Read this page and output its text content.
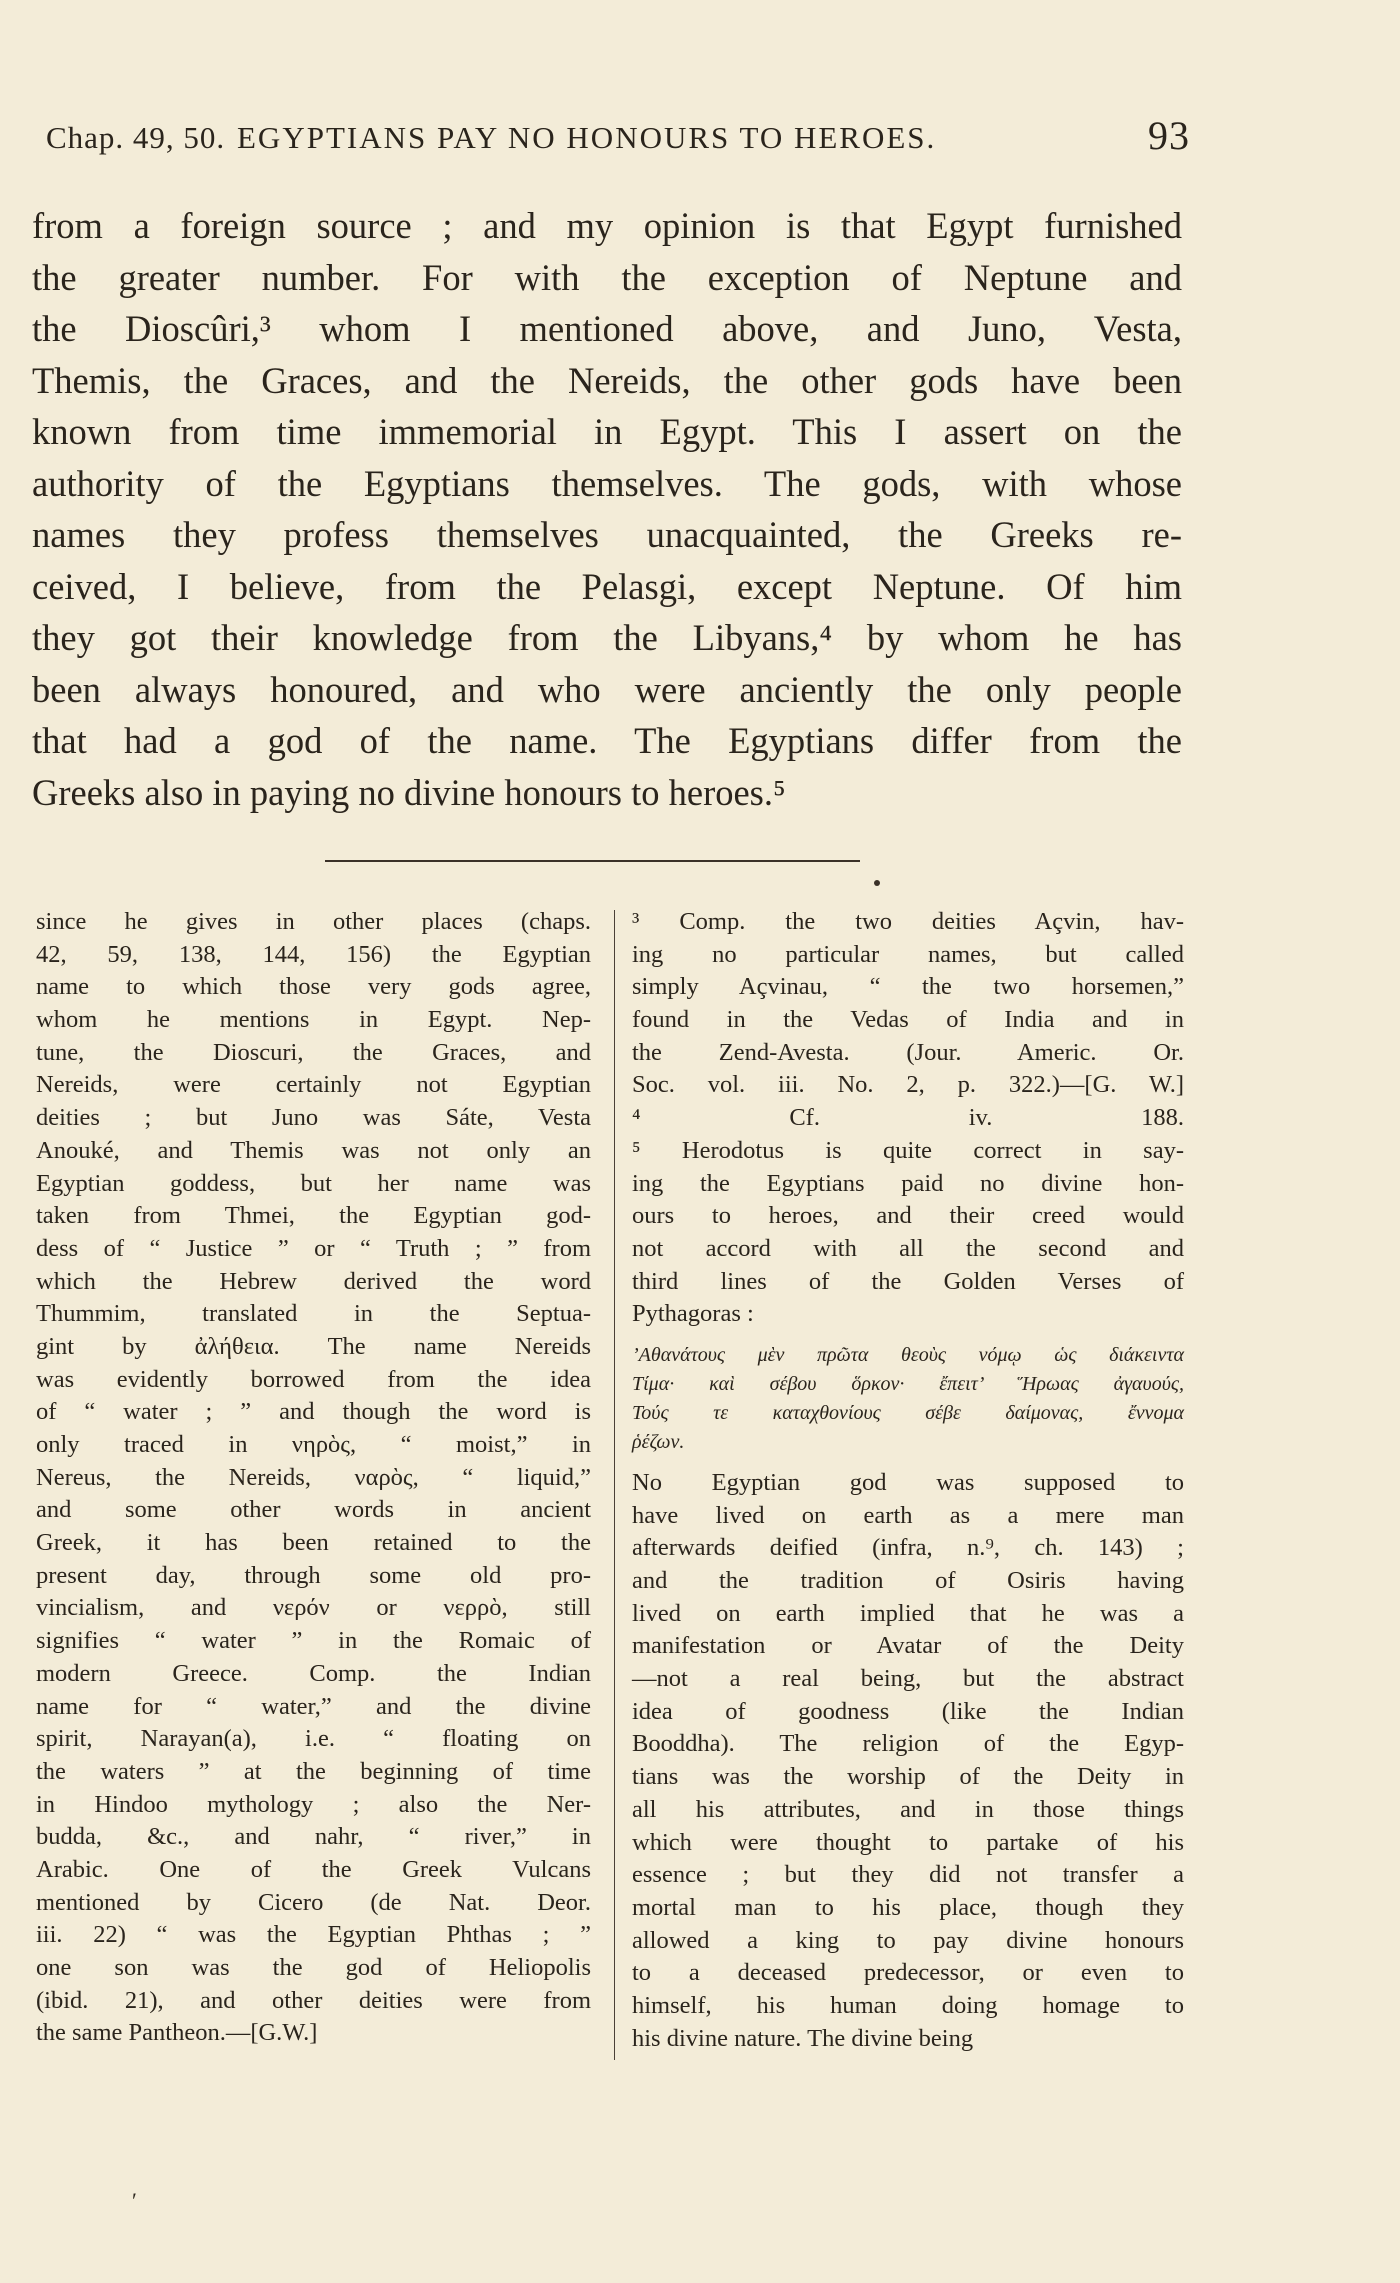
Chap. 49, 50. EGYPTIANS PAY NO HONOURS TO HEROES.	93
from a foreign source ; and my opinion is that Egypt furnished
the greater number. For with the exception of Neptune and
the Dioscûri,³ whom I mentioned above, and Juno, Vesta,
Themis, the Graces, and the Nereids, the other gods have been
known from time immemorial in Egypt. This I assert on the
authority of the Egyptians themselves. The gods, with whose
names they profess themselves unacquainted, the Greeks re-
ceived, I believe, from the Pelasgi, except Neptune. Of him
they got their knowledge from the Libyans,⁴ by whom he has
been always honoured, and who were anciently the only people
that had a god of the name. The Egyptians differ from the
Greeks also in paying no divine honours to heroes.⁵
since he gives in other places (chaps.
42, 59, 138, 144, 156) the Egyptian
name to which those very gods agree,
whom he mentions in Egypt. Nep-
tune, the Dioscuri, the Graces, and
Nereids, were certainly not Egyptian
deities ; but Juno was Sáte, Vesta
Anouké, and Themis was not only an
Egyptian goddess, but her name was
taken from Thmei, the Egyptian god-
dess of “ Justice ” or “ Truth ; ” from
which the Hebrew derived the word
Thummim, translated in the Septua-
gint by ἀλήθεια. The name Nereids
was evidently borrowed from the idea
of “ water ; ” and though the word is
only traced in νηρὸς, “ moist,” in
Nereus, the Nereids, ναρὸς, “ liquid,”
and some other words in ancient
Greek, it has been retained to the
present day, through some old pro-
vincialism, and νερόν or νερρὸ, still
signifies “ water ” in the Romaic of
modern Greece. Comp. the Indian
name for “ water,” and the divine
spirit, Narayan(a), i.e. “ floating on
the waters ” at the beginning of time
in Hindoo mythology ; also the Ner-
budda, &c., and nahr, “ river,” in
Arabic. One of the Greek Vulcans
mentioned by Cicero (de Nat. Deor.
iii. 22) “ was the Egyptian Phthas ; ”
one son was the god of Heliopolis
(ibid. 21), and other deities were from
the same Pantheon.—[G.W.]
³ Comp. the two deities Açvin, hav-
ing no particular names, but called
simply Açvinau, “ the two horsemen,”
found in the Vedas of India and in
the Zend-Avesta. (Jour. Americ. Or.
Soc. vol. iii. No. 2, p. 322.)—[G. W.]
⁴ Cf. iv. 188.
⁵ Herodotus is quite correct in say-
ing the Egyptians paid no divine hon-
ours to heroes, and their creed would
not accord with all the second and
third lines of the Golden Verses of
Pythagoras :
’Αθανάτους μὲν πρῶτα θεοὺς νόμῳ ὡς διάκειντα
Τίμα· καὶ σέβου ὅρκον· ἔπειτ’ Ἥρωας ἀγαυούς,
Τούς τε καταχθονίους σέβε δαίμονας, ἔννομα
ῥέζων.
No Egyptian god was supposed to
have lived on earth as a mere man
afterwards deified (infra, n.⁹, ch. 143) ;
and the tradition of Osiris having
lived on earth implied that he was a
manifestation or Avatar of the Deity
—not a real being, but the abstract
idea of goodness (like the Indian
Booddha). The religion of the Egyp-
tians was the worship of the Deity in
all his attributes, and in those things
which were thought to partake of his
essence ; but they did not transfer a
mortal man to his place, though they
allowed a king to pay divine honours
to a deceased predecessor, or even to
himself, his human doing homage to
his divine nature. The divine being
′
